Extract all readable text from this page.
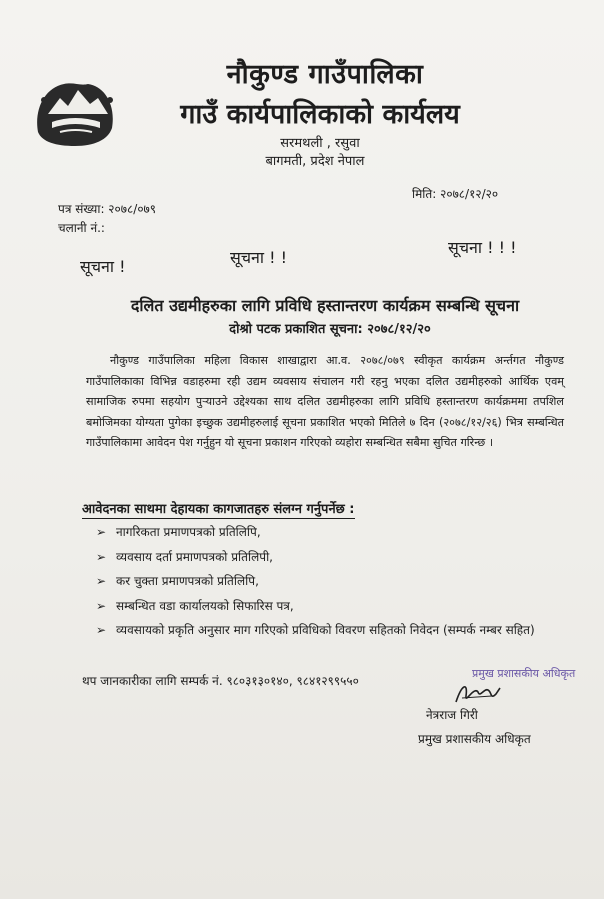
नौकुण्ड गाउँपालिका
गाउँ कार्यपालिकाको कार्यलय
सरमथली , रसुवा
बागमती, प्रदेश नेपाल
मिति: २०७८/१२/२०
पत्र संख्या: २०७८/०७९
चलानी नं.:
सूचना !	सूचना ! !
सूचना ! ! !
दलित उद्यमीहरुका लागि प्रविधि हस्तान्तरण कार्यक्रम सम्बन्धि सूचना
दोश्रो पटक प्रकाशित सूचना: २०७८/१२/२०
नौकुण्ड गाउँपालिका महिला विकास शाखाद्वारा आ.व. २०७८/०७९ स्वीकृत कार्यक्रम अर्न्तगत नौकुण्ड गाउँपालिकाका विभिन्न वडाहरुमा रही उद्यम व्यवसाय संचालन गरी रहनु भएका दलित उद्यमीहरुको आर्थिक एवम् सामाजिक रुपमा सहयोग पुऱ्याउने उद्देश्यका साथ दलित उद्यमीहरुका लागि प्रविधि हस्तान्तरण कार्यक्रममा तपशिल बमोजिमका योग्यता पुगेका इच्छुक उद्यमीहरुलाई सूचना प्रकाशित भएको मितिले ७ दिन (२०७८/१२/२६) भित्र सम्बन्धित गाउँपालिकामा आवेदन पेश गर्नुहुन यो सूचना प्रकाशन गरिएको व्यहोरा सम्बन्धित सबैमा सुचित गरिन्छ ।
आवेदनका साथमा देहायका कागजातहरु संलग्न गर्नुपर्नेछ :
➢ नागरिकता प्रमाणपत्रको प्रतिलिपि,
➢ व्यवसाय दर्ता प्रमाणपत्रको प्रतिलिपी,
➢ कर चुक्ता प्रमाणपत्रको प्रतिलिपि,
➢ सम्बन्धित वडा कार्यालयको सिफारिस पत्र,
➢ व्यवसायको प्रकृति अनुसार माग गरिएको प्रविधिको विवरण सहितको निवेदन (सम्पर्क नम्बर सहित)
थप जानकारीका लागि सम्पर्क नं. ९८०३१३०१४०, ९८४१२९९५५०
प्रमुख प्रशासकीय अधिकृत
नेत्रराज गिरी
प्रमुख प्रशासकीय अधिकृत
